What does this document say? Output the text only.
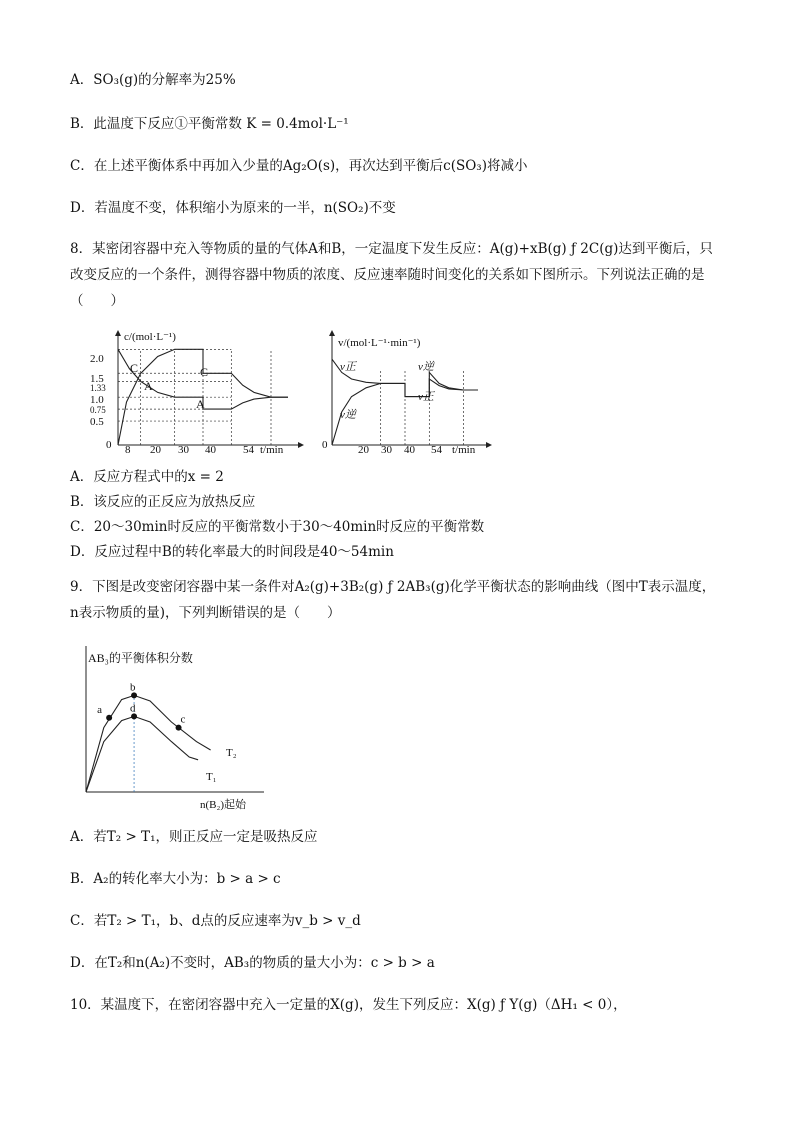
A．SO₃(g)的分解率为25%
B．此温度下反应①平衡常数 K = 0.4mol·L⁻¹
C．在上述平衡体系中再加入少量的Ag₂O(s)，再次达到平衡后c(SO₃)将减小
D．若温度不变，体积缩小为原来的一半，n(SO₂)不变
8．某密闭容器中充入等物质的量的气体A和B，一定温度下发生反应：A(g)+xB(g) ƒ 2C(g)达到平衡后，只改变反应的一个条件，测得容器中物质的浓度、反应速率随时间变化的关系如下图所示。下列说法正确的是（　　）
c/(mol·L⁻¹)
t/min
2.0
1.5
1.33
1.0
0.75
0.5
0 8 20 30 40 54
C
A
C
A
v/(mol·L⁻¹·min⁻¹)
t/min
0	20 30 40 54
v正
v逆
v逆
v正
A．反应方程式中的x = 2
B．该反应的正反应为放热反应
C．20～30min时反应的平衡常数小于30～40min时反应的平衡常数
D．反应过程中B的转化率最大的时间段是40～54min
9．下图是改变密闭容器中某一条件对A₂(g)+3B₂(g) ƒ 2AB₃(g)化学平衡状态的影响曲线（图中T表示温度，n表示物质的量)，下列判断错误的是（　　）
AB₃的平衡体积分数
n(B₂)起始
a
b
c
d
T₂
T₁
A．若T₂ > T₁，则正反应一定是吸热反应
B．A₂的转化率大小为：b > a > c
C．若T₂ > T₁，b、d点的反应速率为v_b > v_d
D．在T₂和n(A₂)不变时，AB₃的物质的量大小为：c > b > a
10．某温度下，在密闭容器中充入一定量的X(g)，发生下列反应：X(g) ƒ Y(g)（ΔH₁ < 0），
